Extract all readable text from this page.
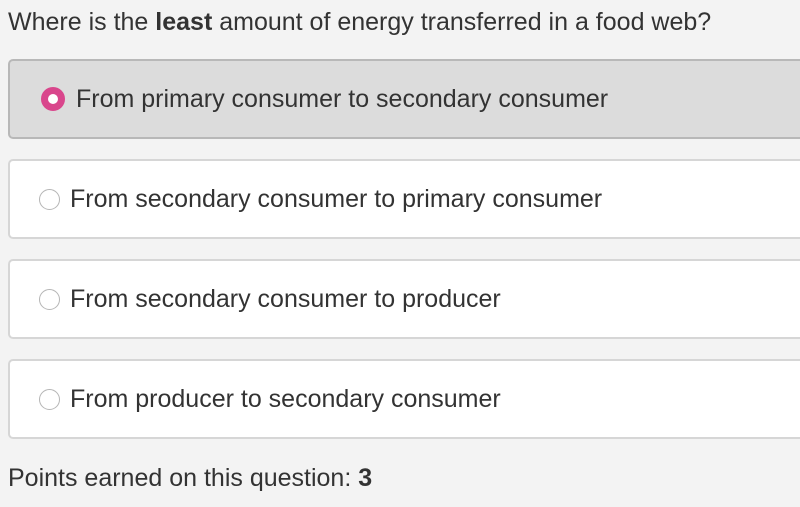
Where is the least amount of energy transferred in a food web?
From primary consumer to secondary consumer
From secondary consumer to primary consumer
From secondary consumer to producer
From producer to secondary consumer
Points earned on this question: 3
